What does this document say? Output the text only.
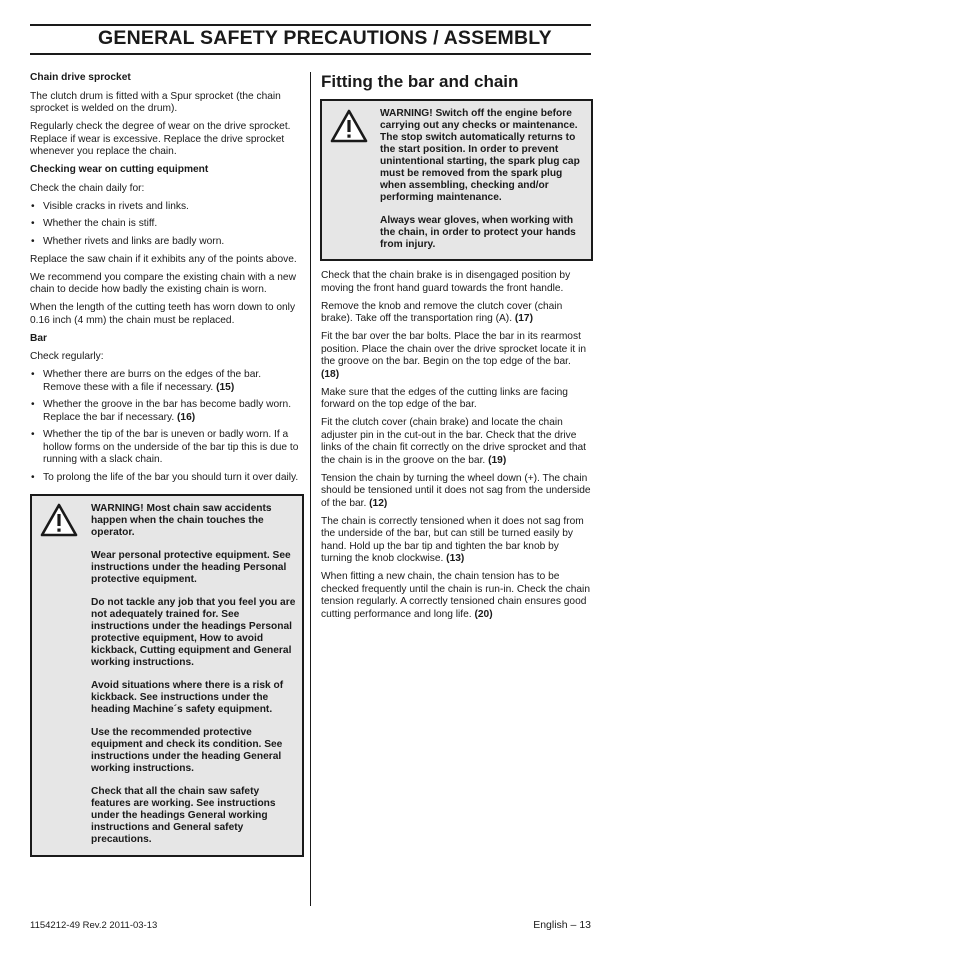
GENERAL SAFETY PRECAUTIONS / ASSEMBLY

Chain drive sprocket

The clutch drum is fitted with a Spur sprocket (the chain sprocket is welded on the drum).

Regularly check the degree of wear on the drive sprocket. Replace if wear is excessive. Replace the drive sprocket whenever you replace the chain.

Checking wear on cutting equipment

Check the chain daily for:

• Visible cracks in rivets and links.
• Whether the chain is stiff.
• Whether rivets and links are badly worn.

Replace the saw chain if it exhibits any of the points above.

We recommend you compare the existing chain with a new chain to decide how badly the existing chain is worn.

When the length of the cutting teeth has worn down to only 0.16 inch (4 mm) the chain must be replaced.

Bar

Check regularly:

• Whether there are burrs on the edges of the bar. Remove these with a file if necessary. (15)
• Whether the groove in the bar has become badly worn. Replace the bar if necessary. (16)
• Whether the tip of the bar is uneven or badly worn. If a hollow forms on the underside of the bar tip this is due to running with a slack chain.
• To prolong the life of the bar you should turn it over daily.

WARNING! Most chain saw accidents happen when the chain touches the operator.

Wear personal protective equipment. See instructions under the heading Personal protective equipment.

Do not tackle any job that you feel you are not adequately trained for. See instructions under the headings Personal protective equipment, How to avoid kickback, Cutting equipment and General working instructions.

Avoid situations where there is a risk of kickback. See instructions under the heading Machine´s safety equipment.

Use the recommended protective equipment and check its condition. See instructions under the heading General working instructions.

Check that all the chain saw safety features are working. See instructions under the headings General working instructions and General safety precautions.

Fitting the bar and chain

WARNING! Switch off the engine before carrying out any checks or maintenance. The stop switch automatically returns to the start position. In order to prevent unintentional starting, the spark plug cap must be removed from the spark plug when assembling, checking and/or performing maintenance.

Always wear gloves, when working with the chain, in order to protect your hands from injury.

Check that the chain brake is in disengaged position by moving the front hand guard towards the front handle.

Remove the knob and remove the clutch cover (chain brake). Take off the transportation ring (A). (17)

Fit the bar over the bar bolts. Place the bar in its rearmost position. Place the chain over the drive sprocket locate it in the groove on the bar. Begin on the top edge of the bar. (18)

Make sure that the edges of the cutting links are facing forward on the top edge of the bar.

Fit the clutch cover (chain brake) and locate the chain adjuster pin in the cut-out in the bar. Check that the drive links of the chain fit correctly on the drive sprocket and that the chain is in the groove on the bar. (19)

Tension the chain by turning the wheel down (+). The chain should be tensioned until it does not sag from the underside of the bar. (12)

The chain is correctly tensioned when it does not sag from the underside of the bar, but can still be turned easily by hand. Hold up the bar tip and tighten the bar knob by turning the knob clockwise. (13)

When fitting a new chain, the chain tension has to be checked frequently until the chain is run-in. Check the chain tension regularly. A correctly tensioned chain ensures good cutting performance and long life. (20)

1154212-49 Rev.2 2011-03-13	English – 13
